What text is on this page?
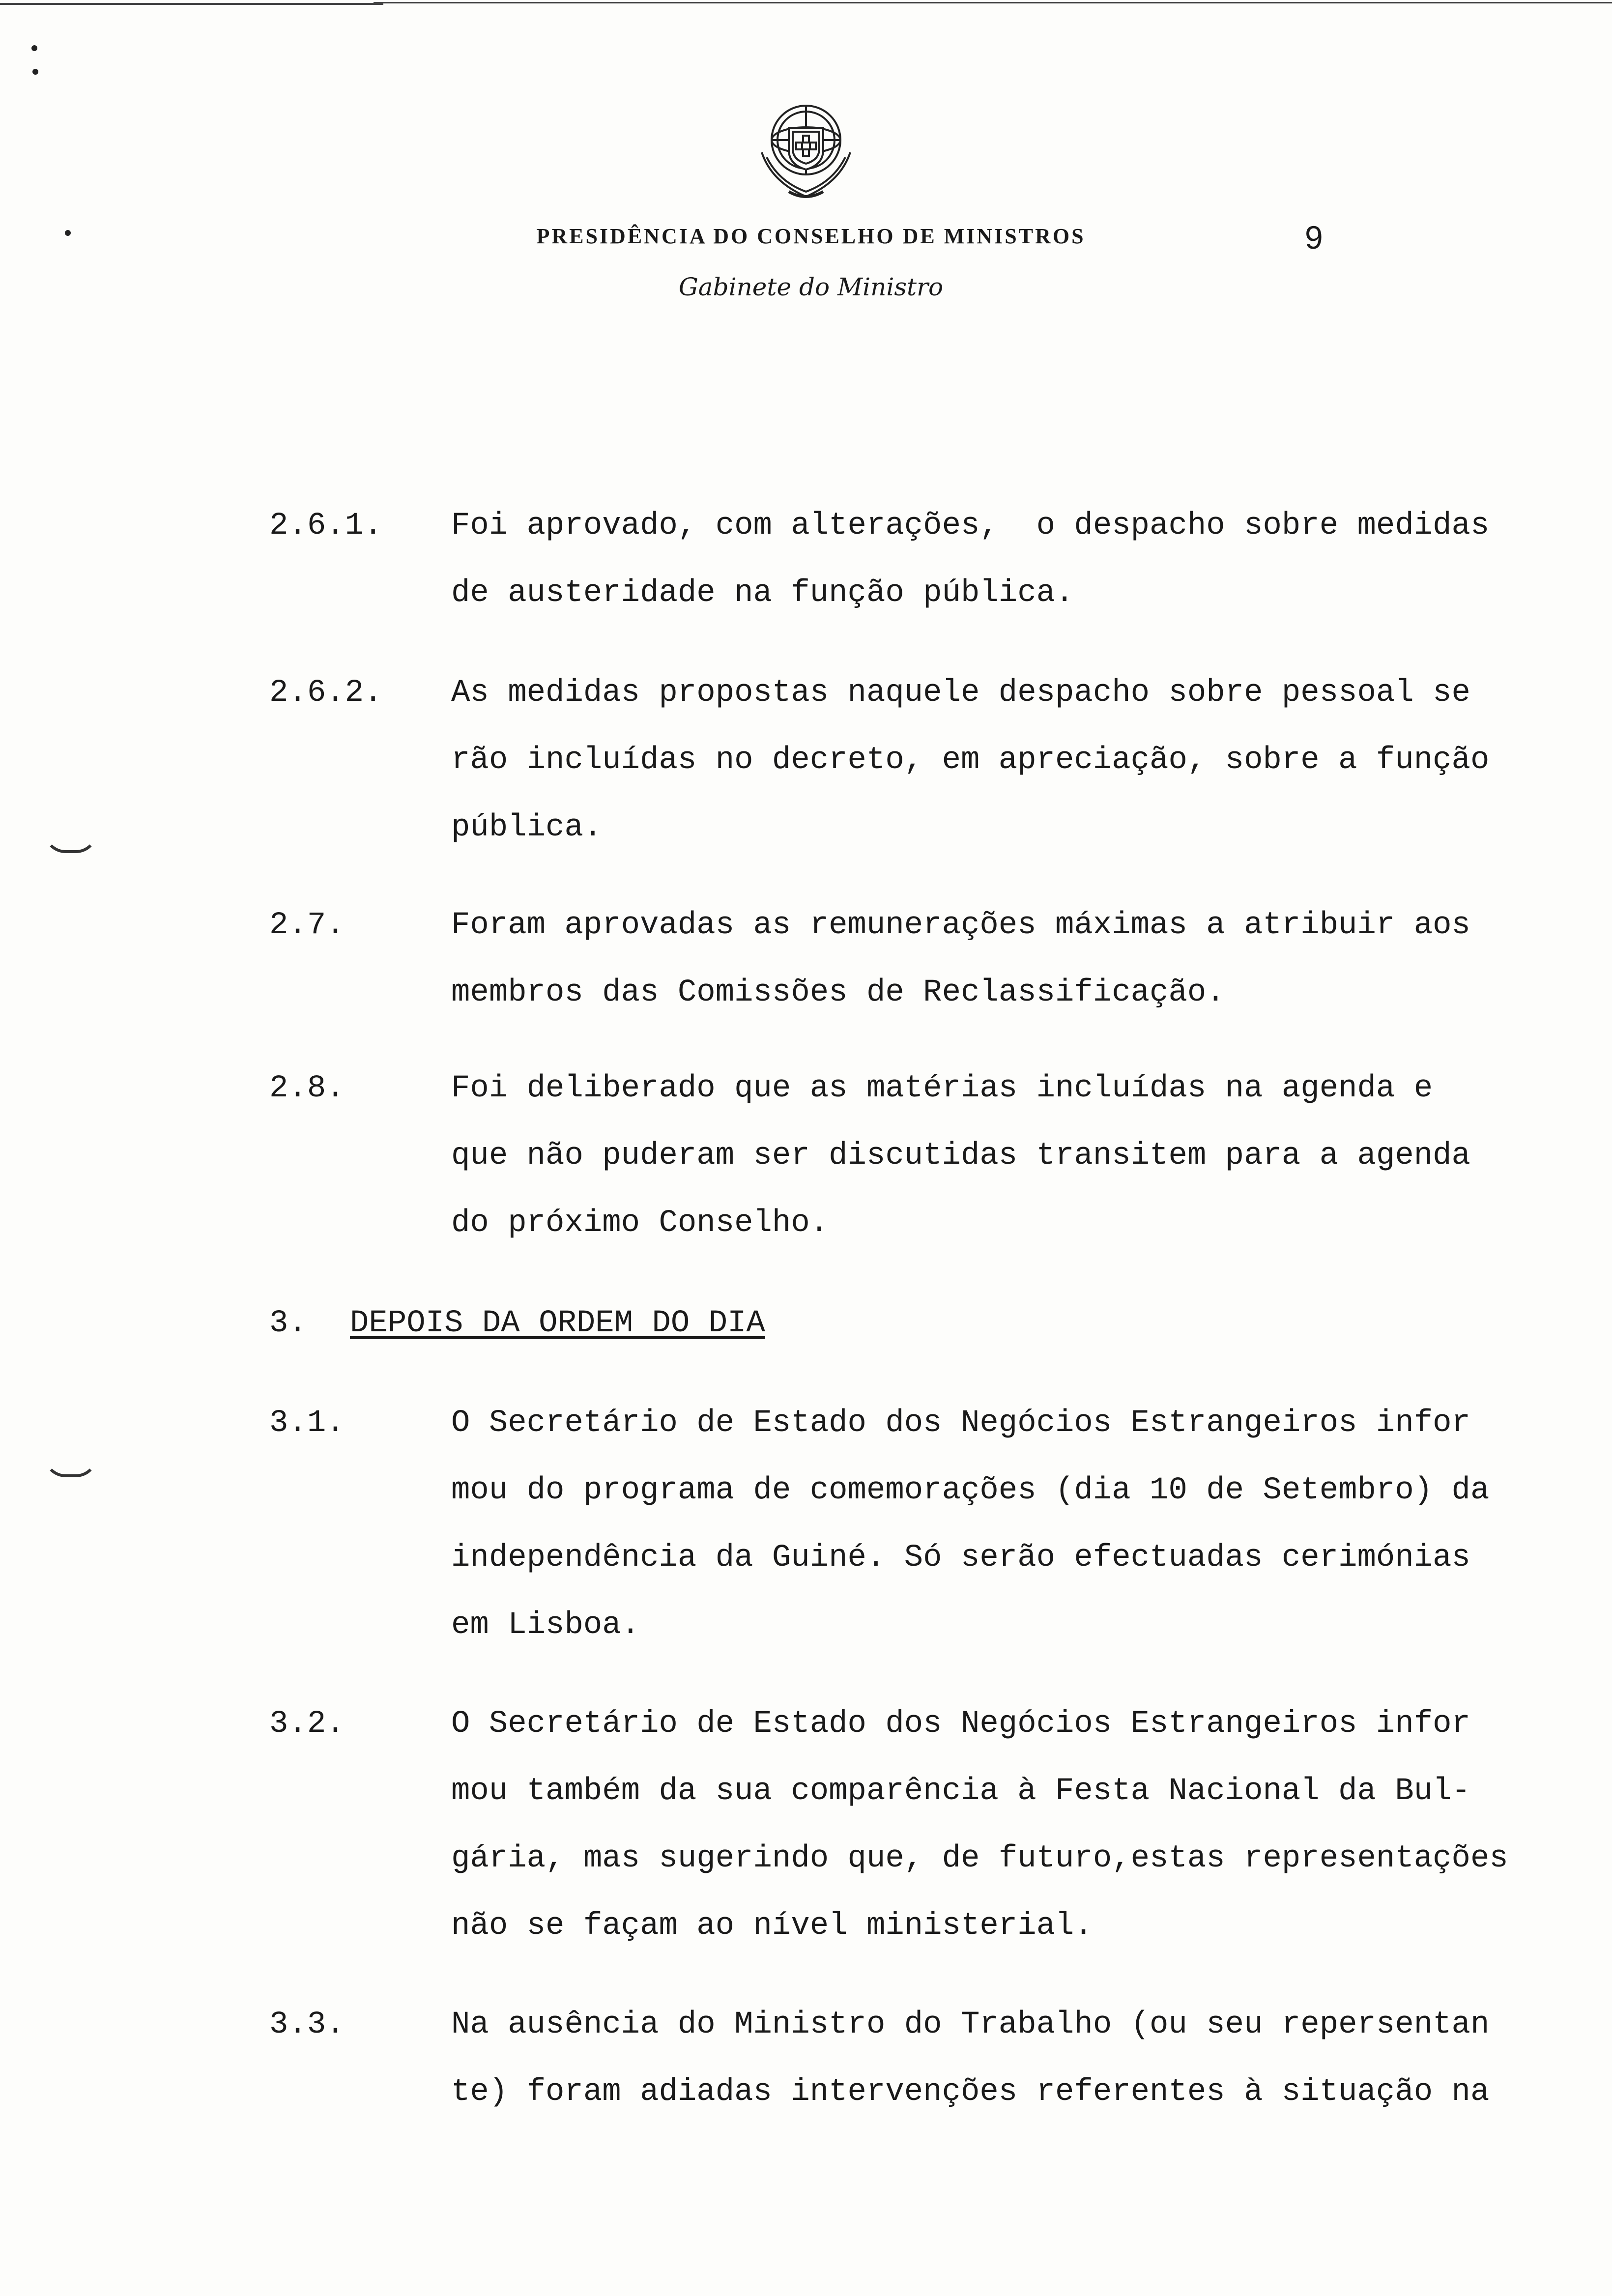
PRESIDÊNCIA DO CONSELHO DE MINISTROS	9
Gabinete do Ministro
2.6.1. Foi aprovado, com alterações,  o despacho sobre medidas
de austeridade na função pública.
2.6.2. As medidas propostas naquele despacho sobre pessoal se
rão incluídas no decreto, em apreciação, sobre a função
pública.
2.7.	Foram aprovadas as remunerações máximas a atribuir aos
membros das Comissões de Reclassificação.
2.8.	Foi deliberado que as matérias incluídas na agenda e
que não puderam ser discutidas transitem para a agenda
do próximo Conselho.
3. DEPOIS DA ORDEM DO DIA
3.1.	O Secretário de Estado dos Negócios Estrangeiros infor
mou do programa de comemorações (dia 10 de Setembro) da
independência da Guiné. Só serão efectuadas cerimónias
em Lisboa.
3.2.	O Secretário de Estado dos Negócios Estrangeiros infor
mou também da sua comparência à Festa Nacional da Bul-
gária, mas sugerindo que, de futuro,estas representações
não se façam ao nível ministerial.
3.3.	Na ausência do Ministro do Trabalho (ou seu repersentan
te) foram adiadas intervenções referentes à situação na
